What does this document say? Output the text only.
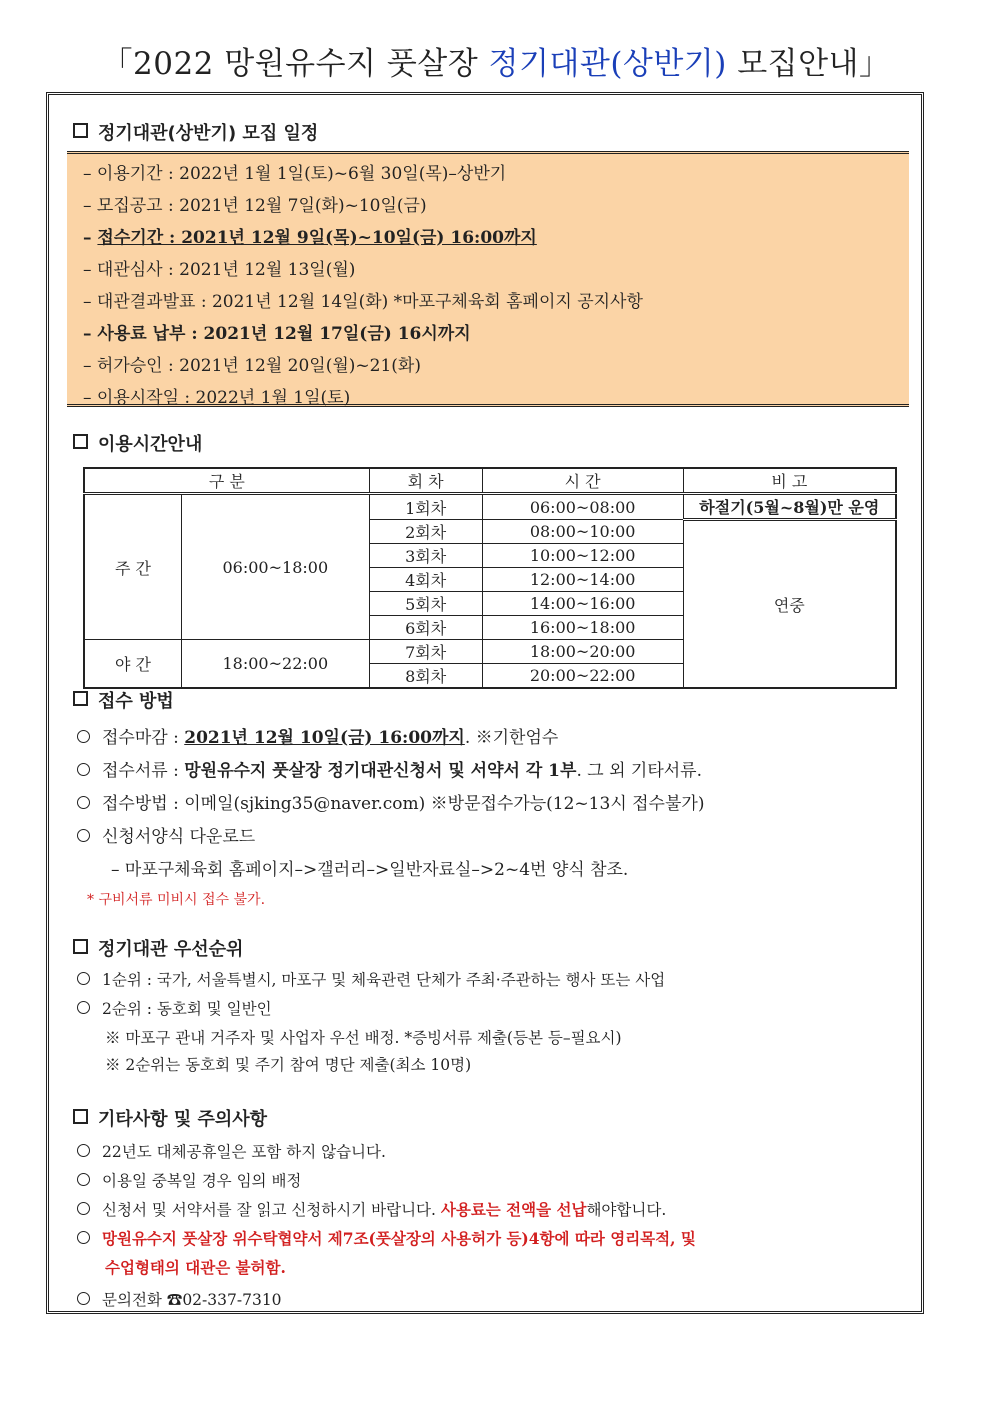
「2022 망원유수지 풋살장 정기대관(상반기) 모집안내」
정기대관(상반기) 모집 일정
– 이용기간 : 2022년 1월 1일(토)~6월 30일(목)–상반기
– 모집공고 : 2021년 12월 7일(화)~10일(금)
– 접수기간 : 2021년 12월 9일(목)~10일(금) 16:00까지
– 대관심사 : 2021년 12월 13일(월)
– 대관결과발표 : 2021년 12월 14일(화) *마포구체육회 홈페이지 공지사항
– 사용료 납부 : 2021년 12월 17일(금) 16시까지
– 허가승인 : 2021년 12월 20일(월)~21(화)
– 이용시작일 : 2022년 1월 1일(토)
이용시간안내
구 분		회 차	시 간	비 고
주 간	06:00~18:00	1회차	06:00~08:00	하절기(5월~8월)만 운영
		2회차	08:00~10:00	연중
		3회차	10:00~12:00	
		4회차	12:00~14:00	
		5회차	14:00~16:00	
		6회차	16:00~18:00	
야 간	18:00~22:00	7회차	18:00~20:00	
		8회차	20:00~22:00	
접수 방법
접수마감 : 2021년 12월 10일(금) 16:00까지. ※기한엄수
접수서류 : 망원유수지 풋살장 정기대관신청서 및 서약서 각 1부. 그 외 기타서류.
접수방법 : 이메일(sjking35@naver.com) ※방문접수가능(12~13시 접수불가)
신청서양식 다운로드
– 마포구체육회 홈페이지–>갤러리–>일반자료실–>2~4번 양식 참조.
* 구비서류 미비시 접수 불가.
정기대관 우선순위
1순위 : 국가, 서울특별시, 마포구 및 체육관련 단체가 주최·주관하는 행사 또는 사업
2순위 : 동호회 및 일반인
※ 마포구 관내 거주자 및 사업자 우선 배정. *증빙서류 제출(등본 등–필요시)
※ 2순위는 동호회 및 주기 참여 명단 제출(최소 10명)
기타사항 및 주의사항
22년도 대체공휴일은 포함 하지 않습니다.
이용일 중복일 경우 임의 배정
신청서 및 서약서를 잘 읽고 신청하시기 바랍니다. 사용료는 전액을 선납해야합니다.
망원유수지 풋살장 위수탁협약서 제7조(풋살장의 사용허가 등)4항에 따라 영리목적, 및
수업형태의 대관은 불허함.
문의전화 ☎02-337-7310
